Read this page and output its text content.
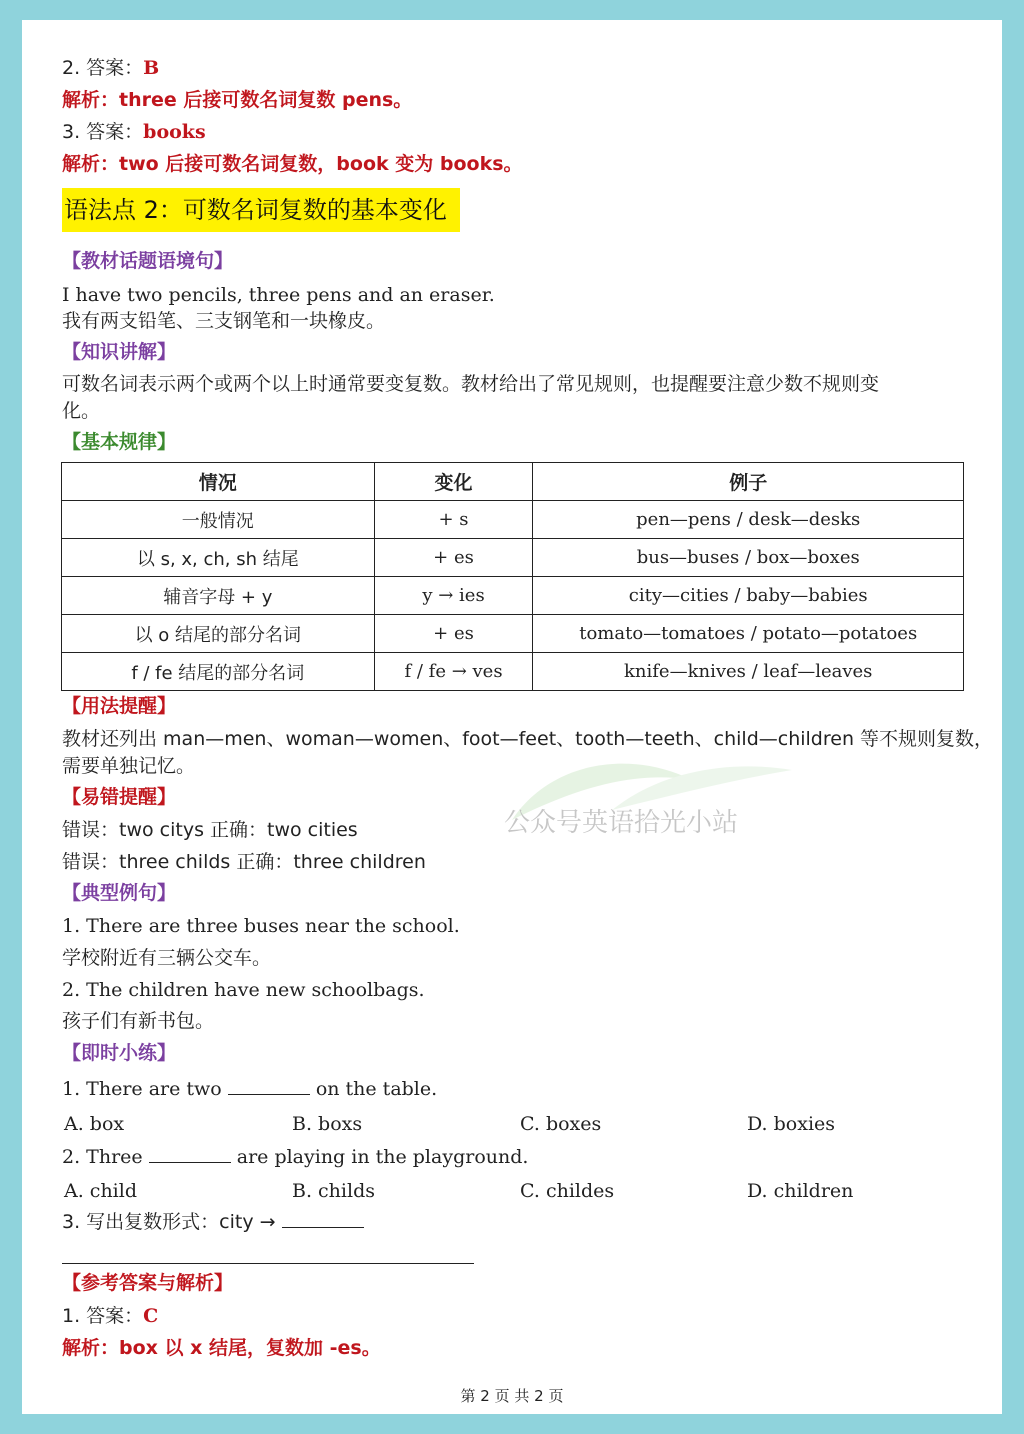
2. 答案：B
解析：three 后接可数名词复数 pens。
3. 答案：books
解析：two 后接可数名词复数，book 变为 books。
语法点 2：可数名词复数的基本变化
【教材话题语境句】
I have two pencils, three pens and an eraser.
我有两支铅笔、三支钢笔和一块橡皮。
【知识讲解】
可数名词表示两个或两个以上时通常要变复数。教材给出了常见规则，也提醒要注意少数不规则变
化。
【基本规律】
情况	变化	例子
一般情况	+ s	pen—pens / desk—desks
以 s, x, ch, sh 结尾	+ es	bus—buses / box—boxes
辅音字母 + y	y → ies	city—cities / baby—babies
以 o 结尾的部分名词	+ es	tomato—tomatoes / potato—potatoes
f / fe 结尾的部分名词	f / fe → ves	knife—knives / leaf—leaves
【用法提醒】
教材还列出 man—men、woman—women、foot—feet、tooth—teeth、child—children 等不规则复数，
需要单独记忆。
公众号英语拾光小站
【易错提醒】
错误：two citys 正确：two cities
错误：three childs 正确：three children
【典型例句】
1. There are three buses near the school.
学校附近有三辆公交车。
2. The children have new schoolbags.
孩子们有新书包。
【即时小练】
1. There are two	on the table.
A. box	B. boxs	C. boxes	D. boxies
2. Three	are playing in the playground.
A. child	B. childs	C. childes	D. children
3. 写出复数形式：city →
【参考答案与解析】
1. 答案：C
解析：box 以 x 结尾，复数加 -es。
第 2 页 共 2 页
